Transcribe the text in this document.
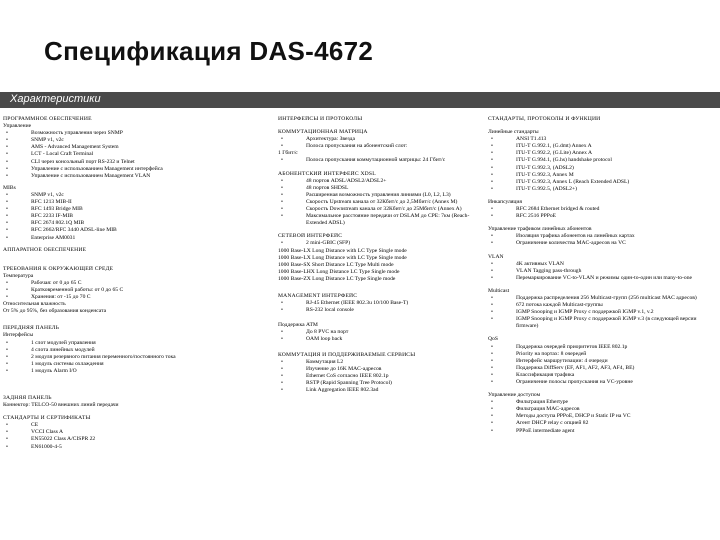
Спецификация DAS-4672
Характеристики
ПРОГРАММНОЕ ОБЕСПЕЧЕНИЕ
Управление
• Возможность управления через SNMP
• SNMP v1, v2c
• AMS - Advanced Management System
• LCT - Local Craft Terminal
• CLI через консольный порт RS-232 и Telnet
• Управление с использованием Management интерфейса
• Управление с использованием Management VLAN
MIBs
• SNMP v1, v2c
• RFC 1213 MIB-II
• RFC 1493 Bridge MIB
• RFC 2233 IF-MIB
• RFC 2674 802.1Q MIB
• RFC 2662/RFC 3440 ADSL-line MIB
• Enterprise AM0031
АППАРАТНОЕ ОБЕСПЕЧЕНИЕ
ТРЕБОВАНИЯ К ОКРУЖАЮЩЕЙ СРЕДЕ
Температура
• Рабочая: от 0 до 65 C
• Кратковременной работы: от 0 до 65 C
• Хранения: от -15 до 70 C
Относительная влажность
От 5% до 95%, без образования конденсата
ПЕРЕДНЯЯ ПАНЕЛЬ
Интерфейсы
• 1 слот модулей управления
• 4 слота линейных модулей
• 2 модуля резервного питания переменного/постоянного тока
• 1 модуль системы охлаждения
• 1 модуль Alarm I/O
ЗАДНЯЯ ПАНЕЛЬ
Коннектор: TELCO-50 внешних линий передачи
СТАНДАРТЫ И СЕРТИФИКАТЫ
• CE
• VCCI Class A
• EN55022 Class A/CISPR 22
• EN61000-4-5
ИНТЕРФЕЙСЫ И ПРОТОКОЛЫ
КОММУТАЦИОННАЯ МАТРИЦА
• Архитектура: Звезда
• Полоса пропускания на абонентский слот:
1 Гбит/с
• Полоса пропускания коммутационной матрицы: 24 Гбит/с
АБОНЕНТСКИЙ ИНТЕРФЕЙС XDSL
• 48 портов ADSL/ADSL2/ADSL2+
• 48 портов SHDSL
• Расширенная возможность управления линиями (L0, L2, L3)
• Скорость Upstream канала от 32Кбит/с до 2,5Мбит/с (Annex M)
• Скорость Downstream канала от 32Кбит/с до 25Мбит/с (Annex A)
• Максимальное расстояние передачи от DSLAM до CPE: 7км (Reach-Extended ADSL)
СЕТЕВОЙ ИНТЕРФЕЙС
• 2 mini-GBIC (SFP)
1000 Base-LX Long Distance with LC Type Single mode
1000 Base-LX Long Distance with LC Type Single mode
1000 Base-SX Short Distance LC Type Multi mode
1000 Base-LHX Long Distance LC Type Single mode
1000 Base-ZX Long Distance LC Type Single mode
MANAGEMENT ИНТЕРФЕЙС
• RJ-45 Ethernet (IEEE 802.3u 10/100 Base-T)
• RS-232 local console
Поддержка ATM
• До 8 PVC на порт
• OAM loop back
КОММУТАЦИЯ И ПОДДЕРЖИВАЕМЫЕ СЕРВИСЫ
• Коммутация L2
• Изучение до 16K MAC-адресов
• Ethernet CoS согласно IEEE 802.1p
• RSTP (Rapid Spanning Tree Protocol)
• Link Aggregation IEEE 802.3ad
СТАНДАРТЫ, ПРОТОКОЛЫ И ФУНКЦИИ
Линейные стандарты
• ANSI T1.413
• ITU-T G.992.1, (G.dmt) Annex A
• ITU-T G.992.2, (G.Lite) Annex A
• ITU-T G.994.1, (G.hs) handshake protocol
• ITU-T G.992.3, (ADSL2)
• ITU-T G.992.3, Annex M
• ITU-T G.992.3, Annex L (Reach Extended ADSL)
• ITU-T G.992.5, (ADSL2+)
Инкапсуляция
• RFC 2684 Ethernet bridged & routed
• RFC 2516 PPPoE
Управление трафиком линейных абонентов
• Изоляция трафика абонентов на линейных картах
• Ограничение количества MAC-адресов на VC
VLAN
• 4K активных VLAN
• VLAN Tagging pass-through
• Перемаркирование VC-to-VLAN и режимы один-to-один или many-to-one
Multicast
• Поддержка распределения 256 Multicast-групп (256 multicast MAC адресов)
• 672 потока каждой Multicast-группы
• IGMP Snooping и IGMP Proxy с поддержкой IGMP v.1, v.2
• IGMP Snooping и IGMP Proxy с поддержкой IGMP v.3 (в следующей версии firmware)
QoS
• Поддержка очередей приоритетов IEEE 802.1p
• Priority на портах: 8 очередей
• Интерфейс маршрутизации: 4 очереди
• Поддержка DiffServ (EF, AF1, AF2, AF3, AF4, BE)
• Классификация трафика
• Ограничение полосы пропускания на VC-уровне
Управление доступом
• Фильтрация Ethertype
• Фильтрация MAC-адресов
• Методы доступа PPPoE, DHCP и Static IP на VC
• Агент DHCP relay с опцией 82
• PPPoE intermediate agent
